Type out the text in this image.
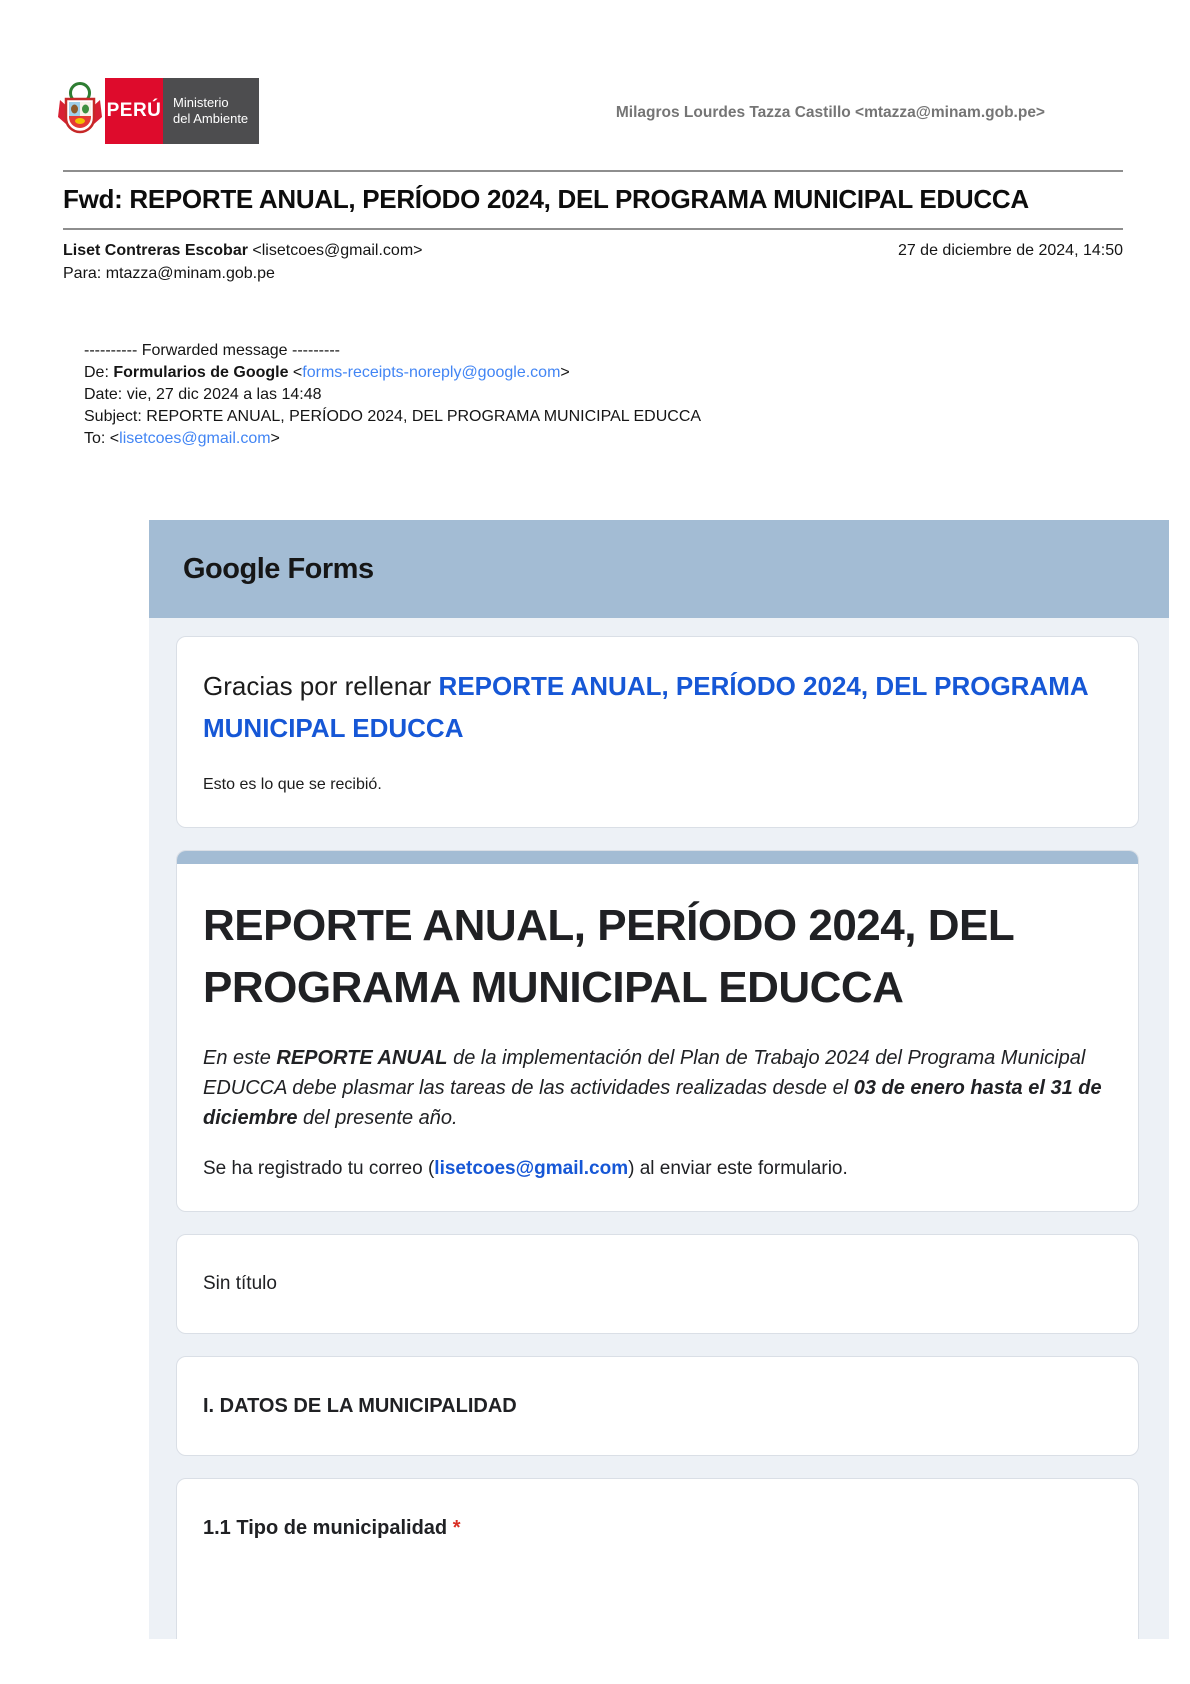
PERÚ Ministerio
del Ambiente	Milagros Lourdes Tazza Castillo <mtazza@minam.gob.pe>
Fwd: REPORTE ANUAL, PERÍODO 2024, DEL PROGRAMA MUNICIPAL EDUCCA
Liset Contreras Escobar <lisetcoes@gmail.com>	27 de diciembre de 2024, 14:50
Para: mtazza@minam.gob.pe
---------- Forwarded message ---------
De: Formularios de Google <forms-receipts-noreply@google.com>
Date: vie, 27 dic 2024 a las 14:48
Subject: REPORTE ANUAL, PERÍODO 2024, DEL PROGRAMA MUNICIPAL EDUCCA
To: <lisetcoes@gmail.com>
Google Forms
Gracias por rellenar REPORTE ANUAL, PERÍODO 2024, DEL PROGRAMA MUNICIPAL EDUCCA
Esto es lo que se recibió.
REPORTE ANUAL, PERÍODO 2024, DEL PROGRAMA MUNICIPAL EDUCCA
En este REPORTE ANUAL de la implementación del Plan de Trabajo 2024 del Programa Municipal EDUCCA debe plasmar las tareas de las actividades realizadas desde el 03 de enero hasta el 31 de diciembre del presente año.
Se ha registrado tu correo (lisetcoes@gmail.com) al enviar este formulario.
Sin título
I. DATOS DE LA MUNICIPALIDAD
1.1 Tipo de municipalidad *
